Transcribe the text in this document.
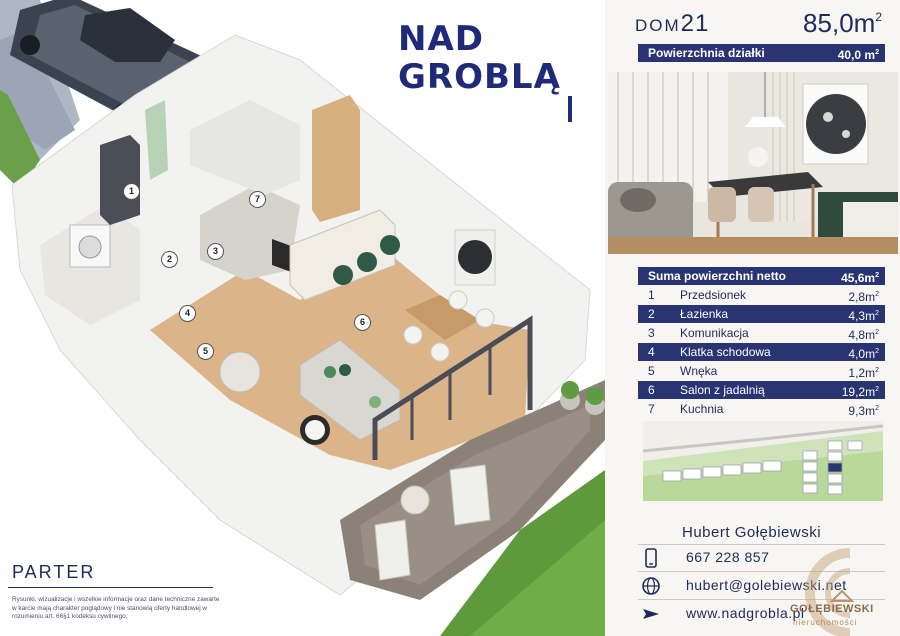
NAD
GROBLĄ
1
2
3
4
5
6
7
PARTER
Rysunki, wizualizacje i wszelkie informacje oraz dane techniczne zawarte w karcie mają charakter poglądowy i nie stanowią oferty handlowej w rozumieniu art. 66§1 kodeksu cywilnego.
DOM21	$85,0m^2$
Powierzchnia działki	40,0 $m^2$
Suma powierzchni netto	$45,6m^2$
1 Przedsionek	$2,8m^2$
2 Łazienka	$4,3m^2$
3 Komunikacja	$4,8m^2$
4 Klatka schodowa	$4,0m^2$
5 Wnęka	$1,2m^2$
6 Salon z jadalnią	$19,2m^2$
7 Kuchnia	$9,3m^2$
Hubert Gołębiewski
667 228 857
hubert@golebiewski.net
www.nadgrobla.pl
GOŁĘBIEWSKI
nieruchomości
